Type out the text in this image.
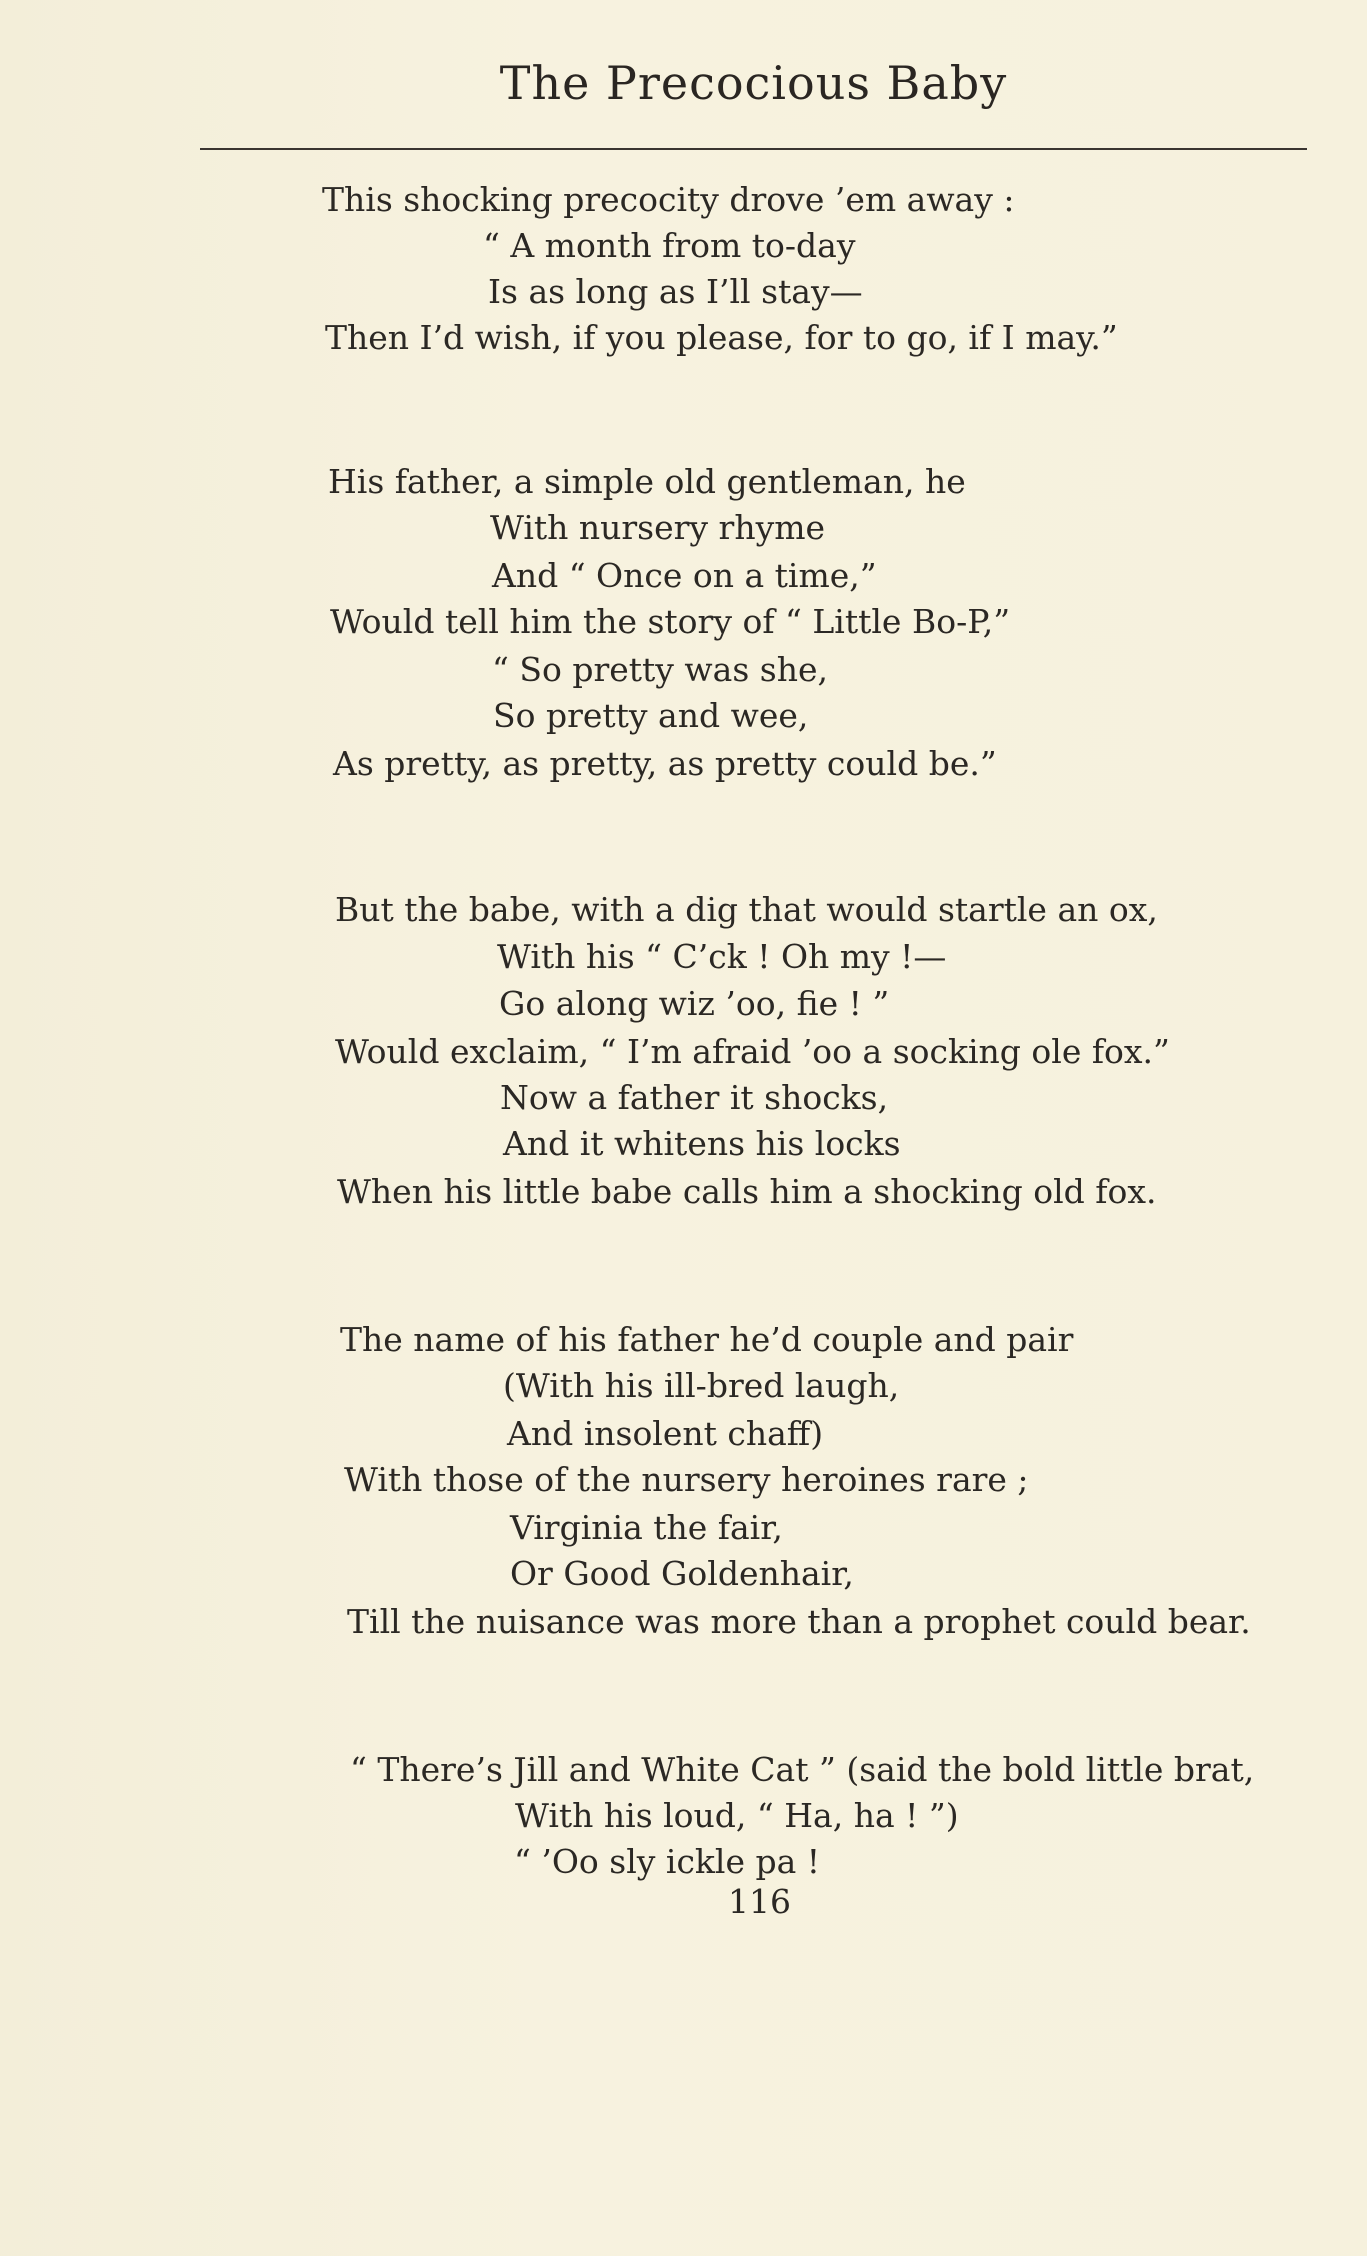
The Precocious Baby
This shocking precocity drove ’em away :
“ A month from to-day
Is as long as I’ll stay—
Then I’d wish, if you please, for to go, if I may.”
His father, a simple old gentleman, he
With nursery rhyme
And “ Once on a time,”
Would tell him the story of “ Little Bo-P,”
“ So pretty was she,
So pretty and wee,
As pretty, as pretty, as pretty could be.”
But the babe, with a dig that would startle an ox,
With his “ C’ck ! Oh my !—
Go along wiz ’oo, fie ! ”
Would exclaim, “ I’m afraid ’oo a socking ole fox.”
Now a father it shocks,
And it whitens his locks
When his little babe calls him a shocking old fox.
The name of his father he’d couple and pair
(With his ill-bred laugh,
And insolent chaff)
With those of the nursery heroines rare ;
Virginia the fair,
Or Good Goldenhair,
Till the nuisance was more than a prophet could bear.
“ There’s Jill and White Cat ” (said the bold little brat,
With his loud, “ Ha, ha ! ”)
“ ’Oo sly ickle pa !
116
